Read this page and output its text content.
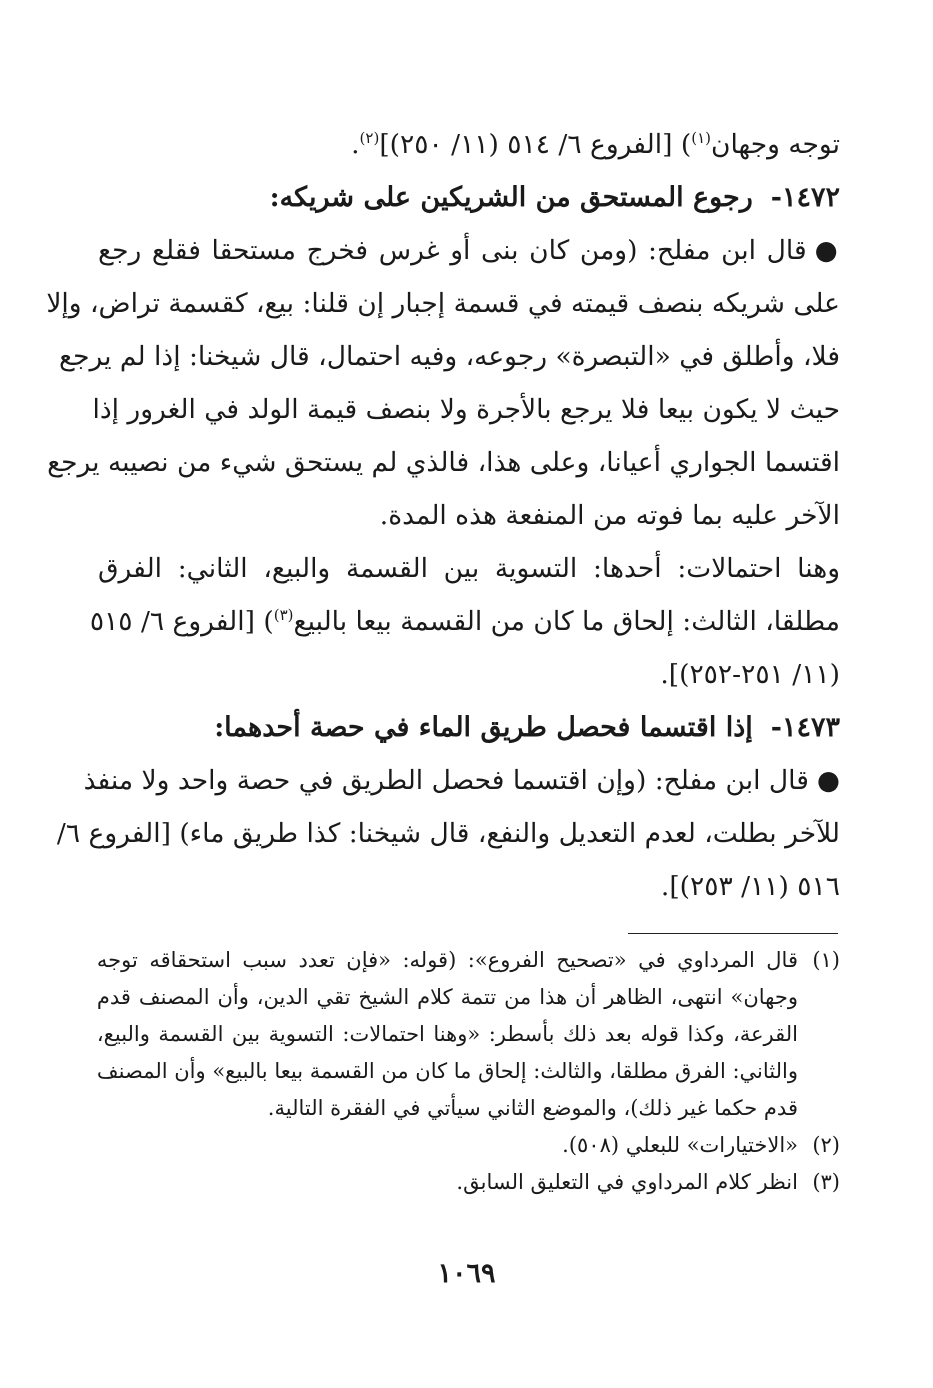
توجه وجهان$^{(١)}$) [الفروع ٦/ ٥١٤ (١١/ ٢٥٠)]$^{(٢)}$.
١٤٧٢-رجوع المستحق من الشريكين على شريكه:
●قال ابن مفلح: (ومن كان بنى أو غرس فخرج مستحقا فقلع رجع
على شريكه بنصف قيمته في قسمة إجبار إن قلنا: بيع، كقسمة تراض، وإلا
فلا، وأطلق في «التبصرة» رجوعه، وفيه احتمال، قال شيخنا: إذا لم يرجع
حيث لا يكون بيعا فلا يرجع بالأجرة ولا بنصف قيمة الولد في الغرور إذا
اقتسما الجواري أعيانا، وعلى هذا، فالذي لم يستحق شيء من نصيبه يرجع
الآخر عليه بما فوته من المنفعة هذه المدة.
وهنا احتمالات: أحدها: التسوية بين القسمة والبيع، الثاني: الفرق
مطلقا، الثالث: إلحاق ما كان من القسمة بيعا بالبيع$^{(٣)}$) [الفروع ٦/ ٥١٥
(١١/ ٢٥١-٢٥٢)].
١٤٧٣-إذا اقتسما فحصل طريق الماء في حصة أحدهما:
●قال ابن مفلح: (وإن اقتسما فحصل الطريق في حصة واحد ولا منفذ
للآخر بطلت، لعدم التعديل والنفع، قال شيخنا: كذا طريق ماء) [الفروع ٦/
٥١٦ (١١/ ٢٥٣)].
(١)
قال المرداوي في «تصحيح الفروع»: (قوله: «فإن تعدد سبب استحقاقه توجه
وجهان» انتهى، الظاهر أن هذا من تتمة كلام الشيخ تقي الدين، وأن المصنف قدم
القرعة، وكذا قوله بعد ذلك بأسطر: «وهنا احتمالات: التسوية بين القسمة والبيع،
والثاني: الفرق مطلقا، والثالث: إلحاق ما كان من القسمة بيعا بالبيع» وأن المصنف
قدم حكما غير ذلك)، والموضع الثاني سيأتي في الفقرة التالية.
(٢)
«الاختيارات» للبعلي (٥٠٨).
(٣)
انظر كلام المرداوي في التعليق السابق.
١٠٦٩
